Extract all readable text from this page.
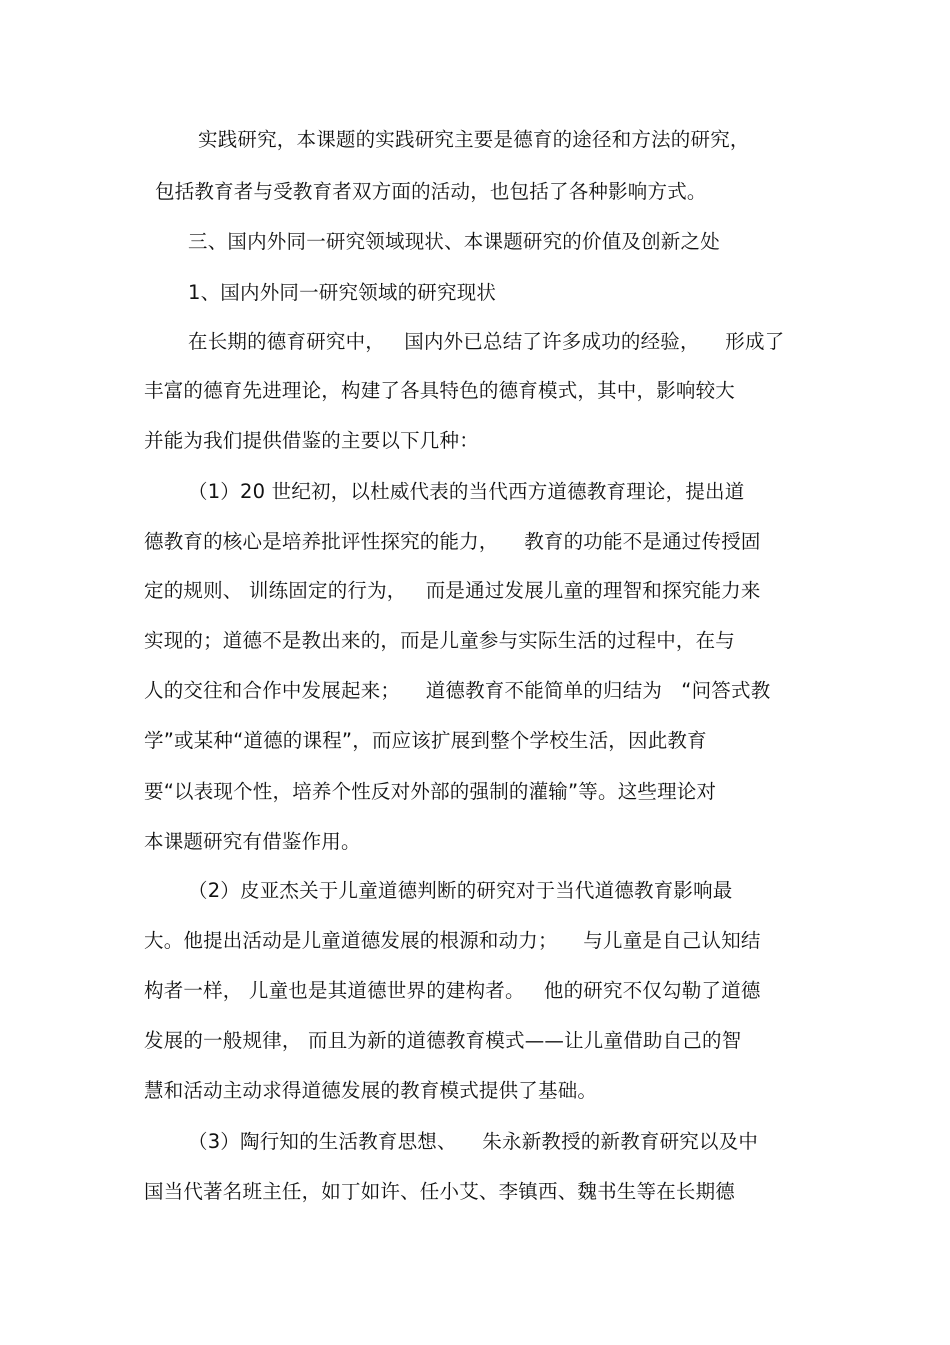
实践研究，本课题的实践研究主要是德育的途径和方法的研究，

包括教育者与受教育者双方面的活动，也包括了各种影响方式。

三、国内外同一研究领域现状、本课题研究的价值及创新之处

1、国内外同一研究领域的研究现状

在长期的德育研究中，   国内外已总结了许多成功的经验，    形成了

丰富的德育先进理论，构建了各具特色的德育模式，其中，影响较大

并能为我们提供借鉴的主要以下几种：

（1）20 世纪初，以杜威代表的当代西方道德教育理论，提出道

德教育的核心是培养批评性探究的能力，    教育的功能不是通过传授固

定的规则、 训练固定的行为，   而是通过发展儿童的理智和探究能力来

实现的；道德不是教出来的，而是儿童参与实际生活的过程中，在与

人的交往和合作中发展起来；    道德教育不能简单的归结为   “问答式教

学”或某种“道德的课程”，而应该扩展到整个学校生活，因此教育

要“以表现个性，培养个性反对外部的强制的灌输”等。这些理论对

本课题研究有借鉴作用。

（2）皮亚杰关于儿童道德判断的研究对于当代道德教育影响最

大。他提出活动是儿童道德发展的根源和动力；    与儿童是自己认知结

构者一样， 儿童也是其道德世界的建构者。   他的研究不仅勾勒了道德

发展的一般规律， 而且为新的道德教育模式——让儿童借助自己的智

慧和活动主动求得道德发展的教育模式提供了基础。

（3）陶行知的生活教育思想、    朱永新教授的新教育研究以及中

国当代著名班主任，如丁如许、任小艾、李镇西、魏书生等在长期德
